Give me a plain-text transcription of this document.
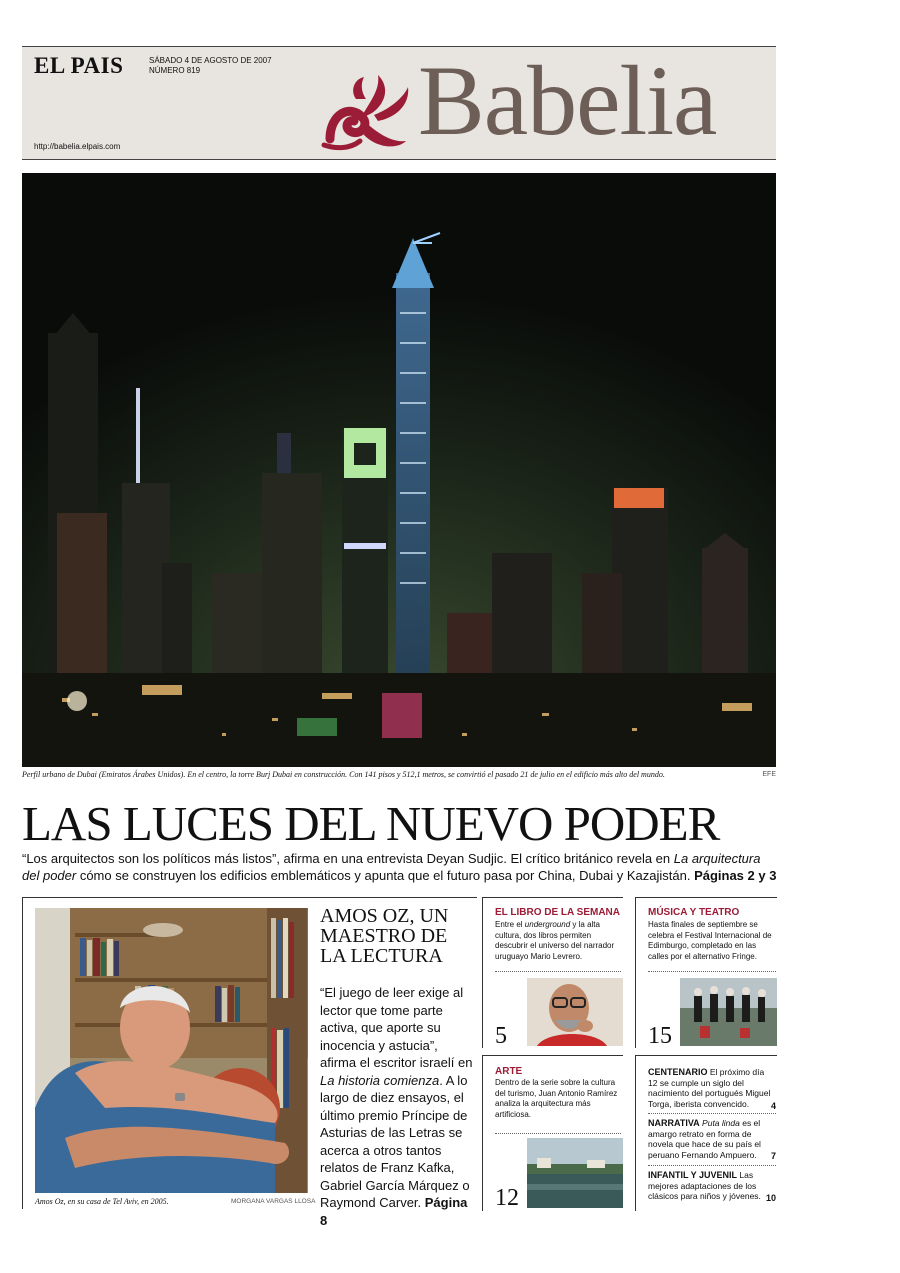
EL PAIS	SÁBADO 4 DE AGOSTO DE 2007
NÚMERO 819
http://babelia.elpais.com	Babelia
Perfil urbano de Dubai (Emiratos Árabes Unidos). En el centro, la torre Burj Dubai en construcción. Con 141 pisos y 512,1 metros, se convirtió el pasado 21 de julio en el edificio más alto del mundo.	EFE
LAS LUCES DEL NUEVO PODER
“Los arquitectos son los políticos más listos”, afirma en una entrevista Deyan Sudjic. El crítico británico revela en La arquitectura del poder cómo se construyen los edificios emblemáticos y apunta que el futuro pasa por China, Dubai y Kazajistán. Páginas 2 y 3
Amos Oz, en su casa de Tel Aviv, en 2005.	MORGANA VARGAS LLOSA
AMOS OZ, UN MAESTRO DE LA LECTURA
“El juego de leer exige al lector que tome parte activa, que aporte su inocencia y astucia”, afirma el escritor israelí en La historia comienza. A lo largo de diez ensayos, el último premio Príncipe de Asturias de las Letras se acerca a otros tantos relatos de Franz Kafka, Gabriel García Márquez o Raymond Carver. Página 8
EL LIBRO DE LA SEMANA
Entre el underground y la alta cultura, dos libros permiten descubrir el universo del narrador uruguayo Mario Levrero.
5
MÚSICA Y TEATRO
Hasta finales de septiembre se celebra el Festival Internacional de Edimburgo, completado en las calles por el alternativo Fringe.
15
ARTE
Dentro de la serie sobre la cultura del turismo, Juan Antonio Ramírez analiza la arquitectura más artificiosa.
12
CENTENARIO El próximo día 12 se cumple un siglo del nacimiento del portugués Miguel Torga, iberista convencido. 4
NARRATIVA Puta linda es el amargo retrato en forma de novela que hace de su país el peruano Fernando Ampuero. 7
INFANTIL Y JUVENIL Las mejores adaptaciones de los clásicos para niños y jóvenes. 10
